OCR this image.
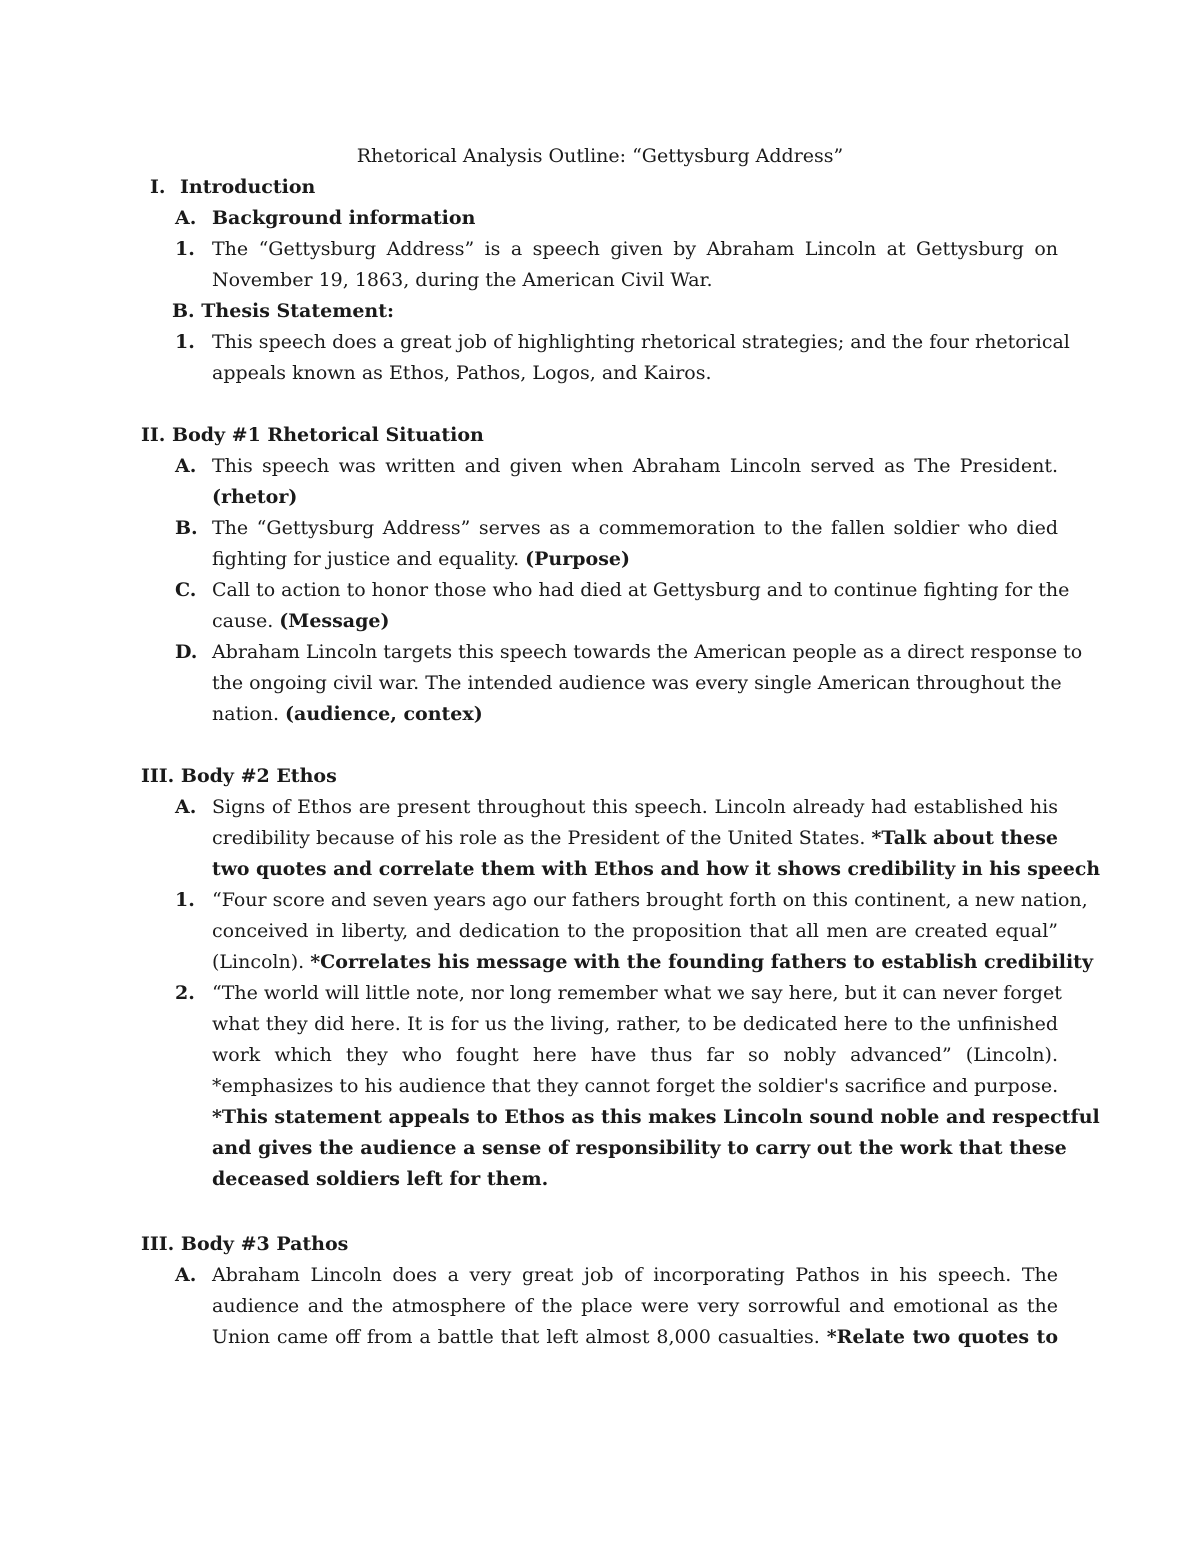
Rhetorical Analysis Outline: “Gettysburg Address”
I. Introduction
A. Background information
1. The “Gettysburg Address” is a speech given by Abraham Lincoln at Gettysburg on
November 19, 1863, during the American Civil War.
B. Thesis Statement:
1. This speech does a great job of highlighting rhetorical strategies; and the four rhetorical
appeals known as Ethos, Pathos, Logos, and Kairos.
II. Body #1 Rhetorical Situation
A. This speech was written and given when Abraham Lincoln served as The President.
(rhetor)
B. The “Gettysburg Address” serves as a commemoration to the fallen soldier who died
fighting for justice and equality. (Purpose)
C. Call to action to honor those who had died at Gettysburg and to continue fighting for the
cause. (Message)
D. Abraham Lincoln targets this speech towards the American people as a direct response to
the ongoing civil war. The intended audience was every single American throughout the
nation. (audience, contex)
III. Body #2 Ethos
A. Signs of Ethos are present throughout this speech. Lincoln already had established his
credibility because of his role as the President of the United States. *Talk about these
two quotes and correlate them with Ethos and how it shows credibility in his speech
1. “Four score and seven years ago our fathers brought forth on this continent, a new nation,
conceived in liberty, and dedication to the proposition that all men are created equal”
(Lincoln). *Correlates his message with the founding fathers to establish credibility
2. “The world will little note, nor long remember what we say here, but it can never forget
what they did here. It is for us the living, rather, to be dedicated here to the unfinished
work which they who fought here have thus far so nobly advanced” (Lincoln).
*emphasizes to his audience that they cannot forget the soldier's sacrifice and purpose.
*This statement appeals to Ethos as this makes Lincoln sound noble and respectful
and gives the audience a sense of responsibility to carry out the work that these
deceased soldiers left for them.
III. Body #3 Pathos
A. Abraham Lincoln does a very great job of incorporating Pathos in his speech. The
audience and the atmosphere of the place were very sorrowful and emotional as the
Union came off from a battle that left almost 8,000 casualties. *Relate two quotes to
